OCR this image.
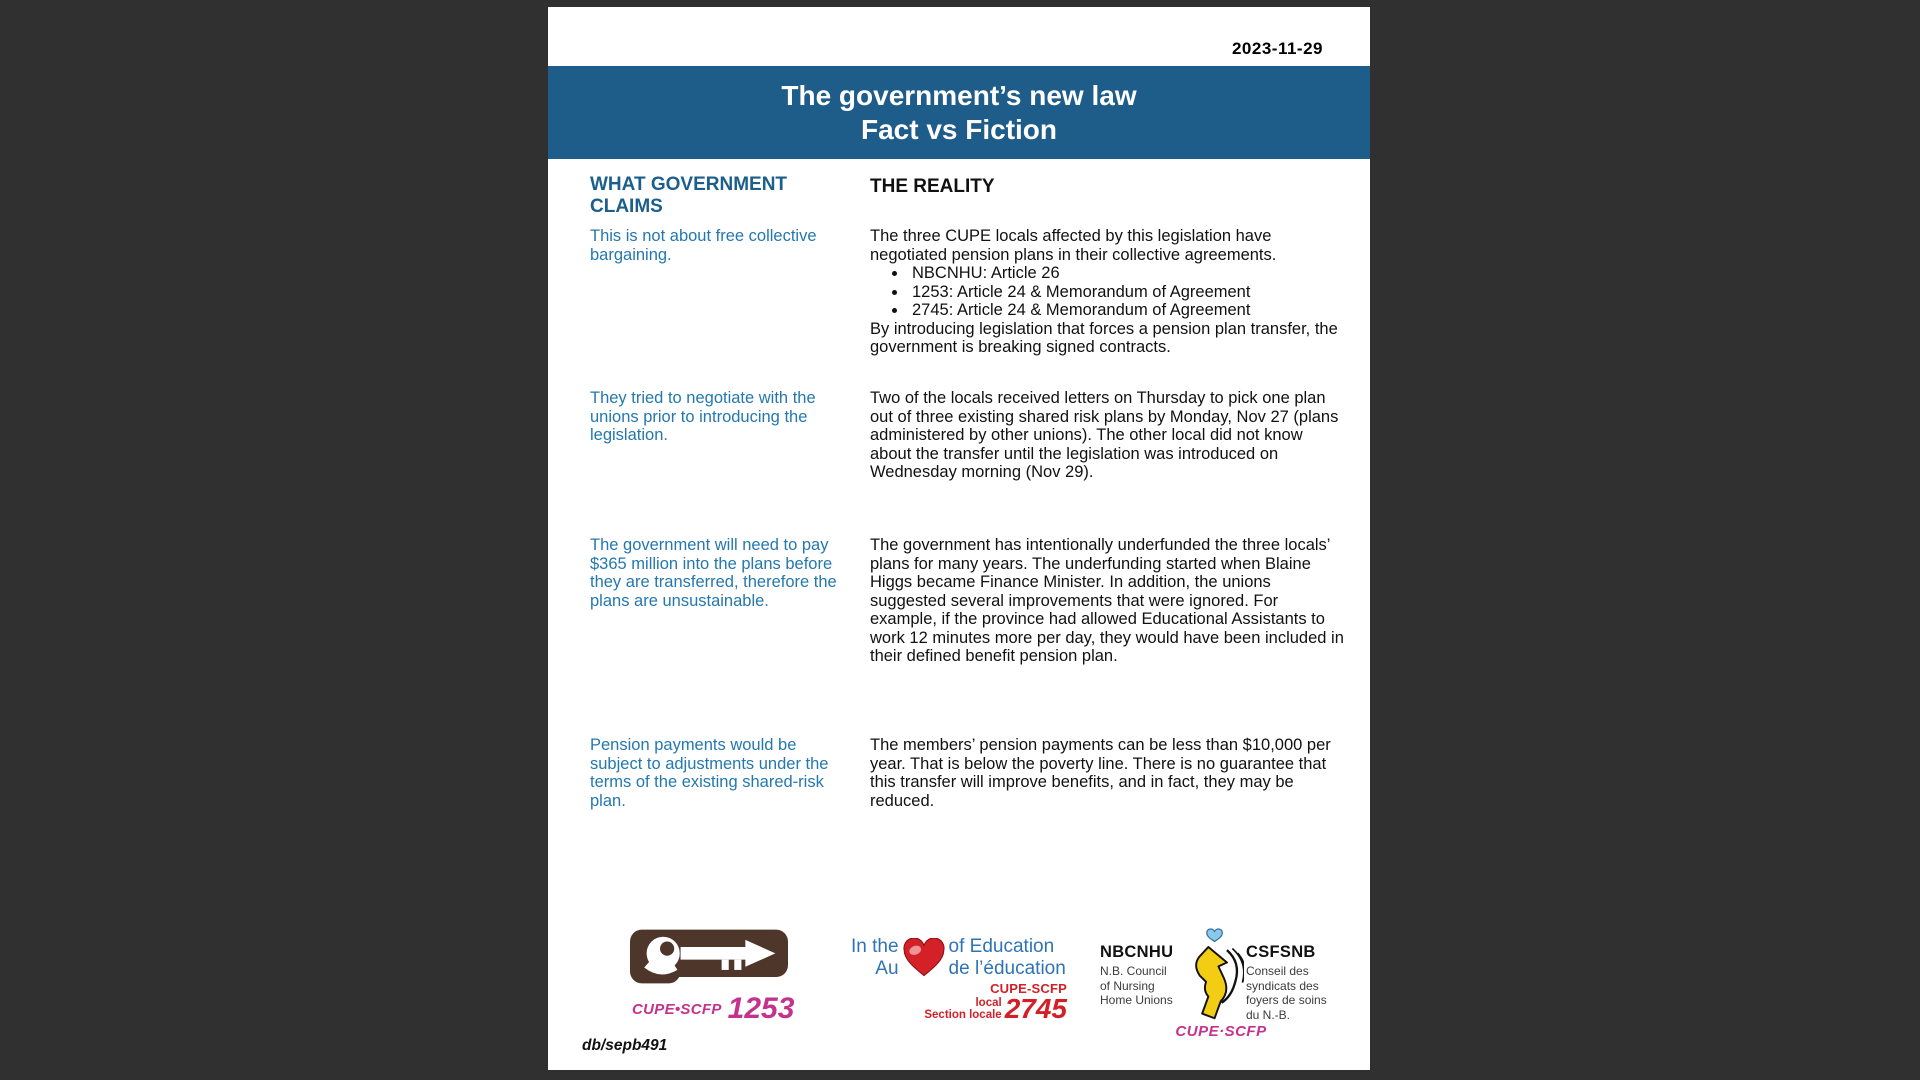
2023-11-29
The government’s new law
Fact vs Fiction
WHAT GOVERNMENT CLAIMS
THE REALITY
This is not about free collective bargaining.

The three CUPE locals affected by this legislation have negotiated pension plans in their collective agreements.

• NBCNHU: Article 26
• 1253: Article 24 & Memorandum of Agreement
• 2745: Article 24 & Memorandum of Agreement

By introducing legislation that forces a pension plan transfer, the government is breaking signed contracts.

They tried to negotiate with the unions prior to introducing the legislation.
Two of the locals received letters on Thursday to pick one plan out of three existing shared risk plans by Monday, Nov 27 (plans administered by other unions). The other local did not know about the transfer until the legislation was introduced on Wednesday morning (Nov 29).
The government will need to pay $365 million into the plans before they are transferred, therefore the plans are unsustainable.
The government has intentionally underfunded the three locals’ plans for many years. The underfunding started when Blaine Higgs became Finance Minister. In addition, the unions suggested several improvements that were ignored. For example, if the province had allowed Educational Assistants to work 12 minutes more per day, they would have been included in their defined benefit pension plan.
Pension payments would be subject to adjustments under the terms of the existing shared-risk plan.
The members’ pension payments can be less than $10,000 per year. That is below the poverty line. There is no guarantee that this transfer will improve benefits, and in fact, they may be reduced.
CUPE•SCFP 1253
In the
Au
of Education
de l’éducation
CUPE-SCFP
local
Section locale 2745
NBCNHU
N.B. Council of Nursing Home Unions
CSFSNB
Conseil des syndicats des foyers de soins du N.-B.
CUPE·SCFP
db/sepb491
